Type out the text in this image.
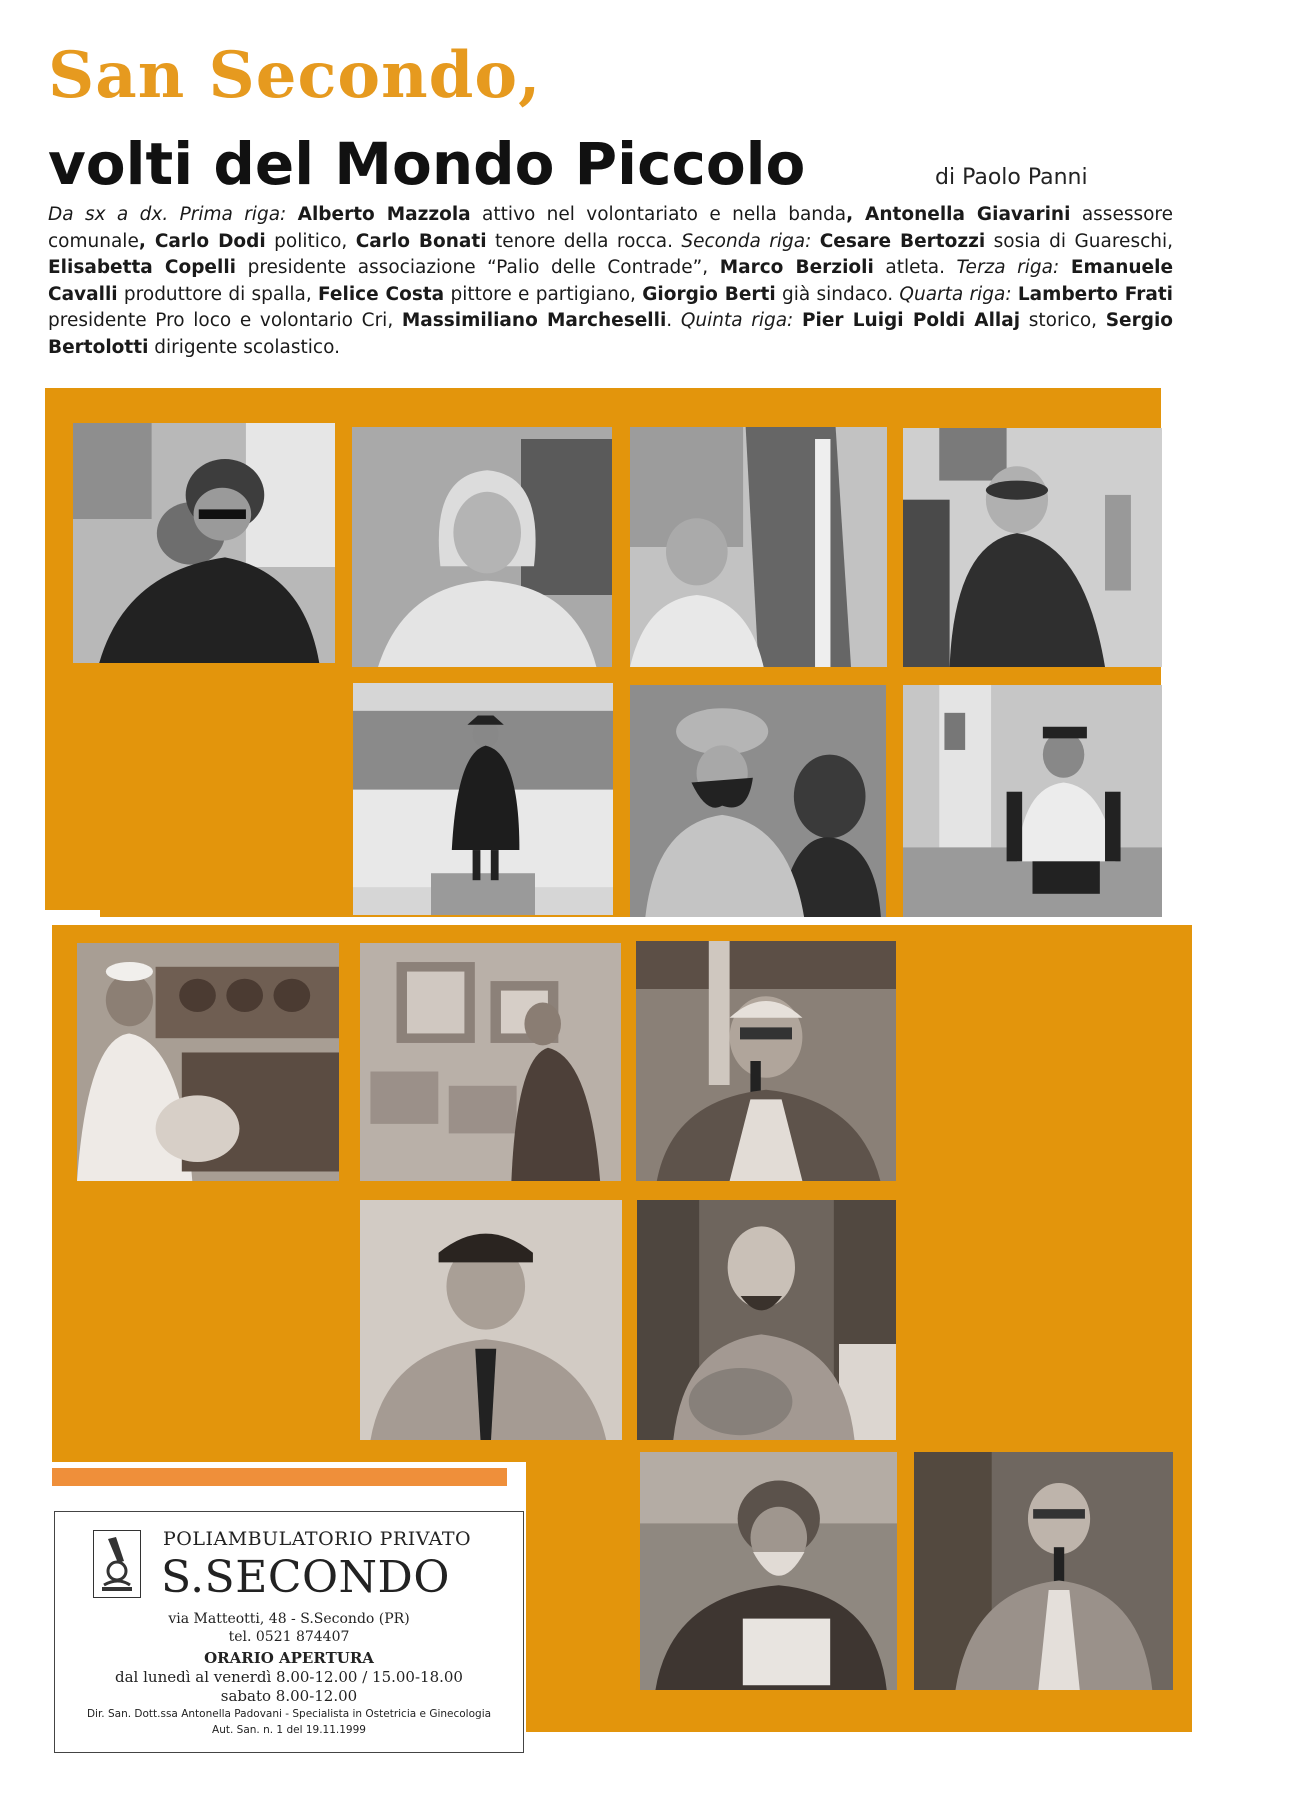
San Secondo,
volti del Mondo Piccolo	di Paolo Panni
Da sx a dx. Prima riga: Alberto Mazzola attivo nel volontariato e nella banda, Antonella Giavarini assessore comunale, Carlo Dodi politico, Carlo Bonati tenore della rocca. Seconda riga: Cesare Bertozzi sosia di Guareschi, Elisabetta Copelli presidente associazione “Palio delle Contrade”, Marco Berzioli atleta. Terza riga: Emanuele Cavalli produttore di spalla, Felice Costa pittore e partigiano, Giorgio Berti già sindaco. Quarta riga: Lamberto Frati presidente Pro loco e volontario Cri, Massimiliano Marcheselli. Quinta riga: Pier Luigi Poldi Allaj storico, Sergio Bertolotti dirigente scolastico.
POLIAMBULATORIO PRIVATO
S.SECONDO
via Matteotti, 48 - S.Secondo (PR)
tel. 0521 874407
ORARIO APERTURA
dal lunedì al venerdì 8.00-12.00 / 15.00-18.00
sabato 8.00-12.00
Dir. San. Dott.ssa Antonella Padovani - Specialista in Ostetricia e Ginecologia
Aut. San. n. 1 del 19.11.1999
